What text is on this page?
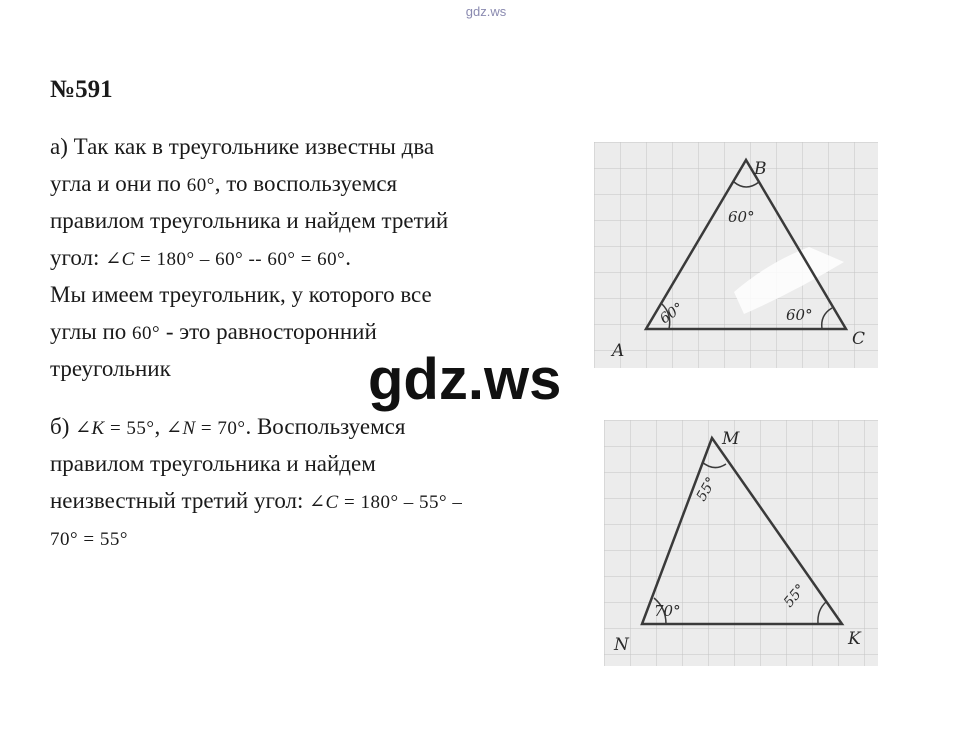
gdz.ws
№591
а) Так как в треугольнике известны два
угла и они по 60°, то воспользуемся
правилом треугольника и найдем третий
угол: ∠C = 180° – 60° -- 60° = 60°.
Мы имеем треугольник, у которого все
углы по 60° - это равносторонний
треугольник
б) ∠K = 55°, ∠N = 70°. Воспользуемся
правилом треугольника и найдем
неизвестный третий угол: ∠C = 180° – 55° –
70° = 55°
B
A
C
60°
60°	60°
M
N	K
55°
70°
55°
gdz.ws
